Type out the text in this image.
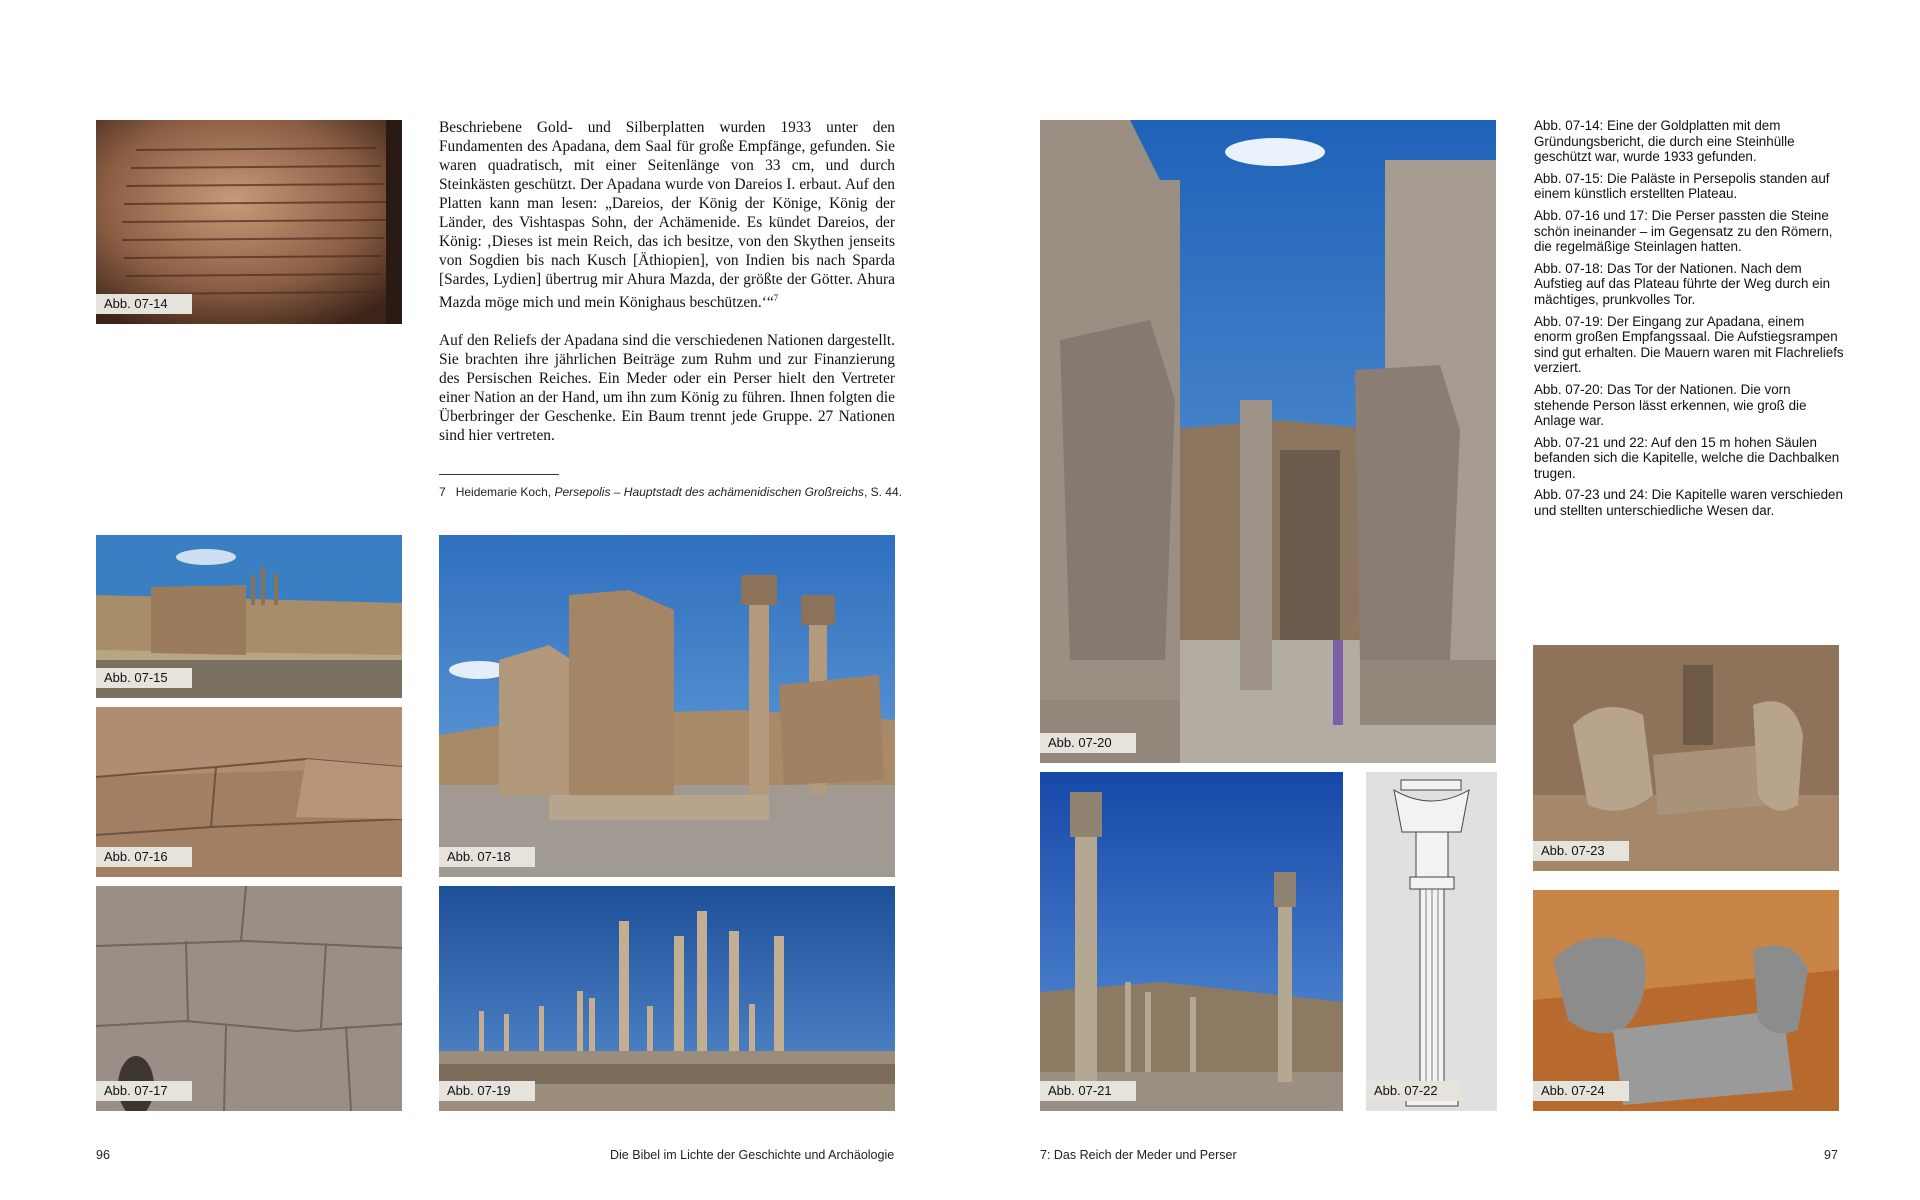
Abb. 07-14

Beschriebene Gold- und Silberplatten wurden 1933 unter den Fundamenten des Apadana, dem Saal für große Empfänge, gefunden. Sie waren quadratisch, mit einer Seitenlänge von 33 cm, und durch Steinkästen geschützt. Der Apadana wurde von Dareios I. erbaut. Auf den Platten kann man lesen: „Dareios, der König der Könige, König der Länder, des Vishtaspas Sohn, der Achämenide. Es kündet Dareios, der König: ‚Dieses ist mein Reich, das ich besitze, von den Skythen jenseits von Sogdien bis nach Kusch [Äthiopien], von Indien bis nach Sparda [Sardes, Lydien] übertrug mir Ahura Mazda, der größte der Götter. Ahura Mazda möge mich und mein Könighaus beschützen.‘“$^7$

Auf den Reliefs der Apadana sind die verschiedenen Nationen dargestellt. Sie brachten ihre jährlichen Beiträge zum Ruhm und zur Finanzierung des Persischen Reiches. Ein Meder oder ein Perser hielt den Vertreter einer Nation an der Hand, um ihn zum König zu führen. Ihnen folgten die Überbringer der Geschenke. Ein Baum trennt jede Gruppe. 27 Nationen sind hier vertreten.

7 Heidemarie Koch, Persepolis – Hauptstadt des achämenidischen Großreichs, S. 44.
Abb. 07-15
Abb. 07-16
Abb. 07-17
Abb. 07-18
Abb. 07-19
96	Die Bibel im Lichte der Geschichte und Archäologie
Abb. 07-20
Abb. 07-21	Abb. 07-22

Abb. 07-14: Eine der Goldplatten mit dem Gründungsbericht, die durch eine Steinhülle geschützt war, wurde 1933 gefunden.

Abb. 07-15: Die Paläste in Persepolis standen auf einem künstlich erstellten Plateau.

Abb. 07-16 und 17: Die Perser passten die Steine schön ineinander – im Gegensatz zu den Römern, die regelmäßige Steinlagen hatten.

Abb. 07-18: Das Tor der Nationen. Nach dem Aufstieg auf das Plateau führte der Weg durch ein mächtiges, prunkvolles Tor.

Abb. 07-19: Der Eingang zur Apadana, einem enorm großen Empfangssaal. Die Aufstiegsrampen sind gut erhalten. Die Mauern waren mit Flachreliefs verziert.

Abb. 07-20: Das Tor der Nationen. Die vorn stehende Person lässt erkennen, wie groß die Anlage war.

Abb. 07-21 und 22: Auf den 15 m hohen Säulen befanden sich die Kapitelle, welche die Dachbalken trugen.

Abb. 07-23 und 24: Die Kapitelle waren verschieden und stellten unterschiedliche Wesen dar.

Abb. 07-23
Abb. 07-24
7: Das Reich der Meder und Perser	97
